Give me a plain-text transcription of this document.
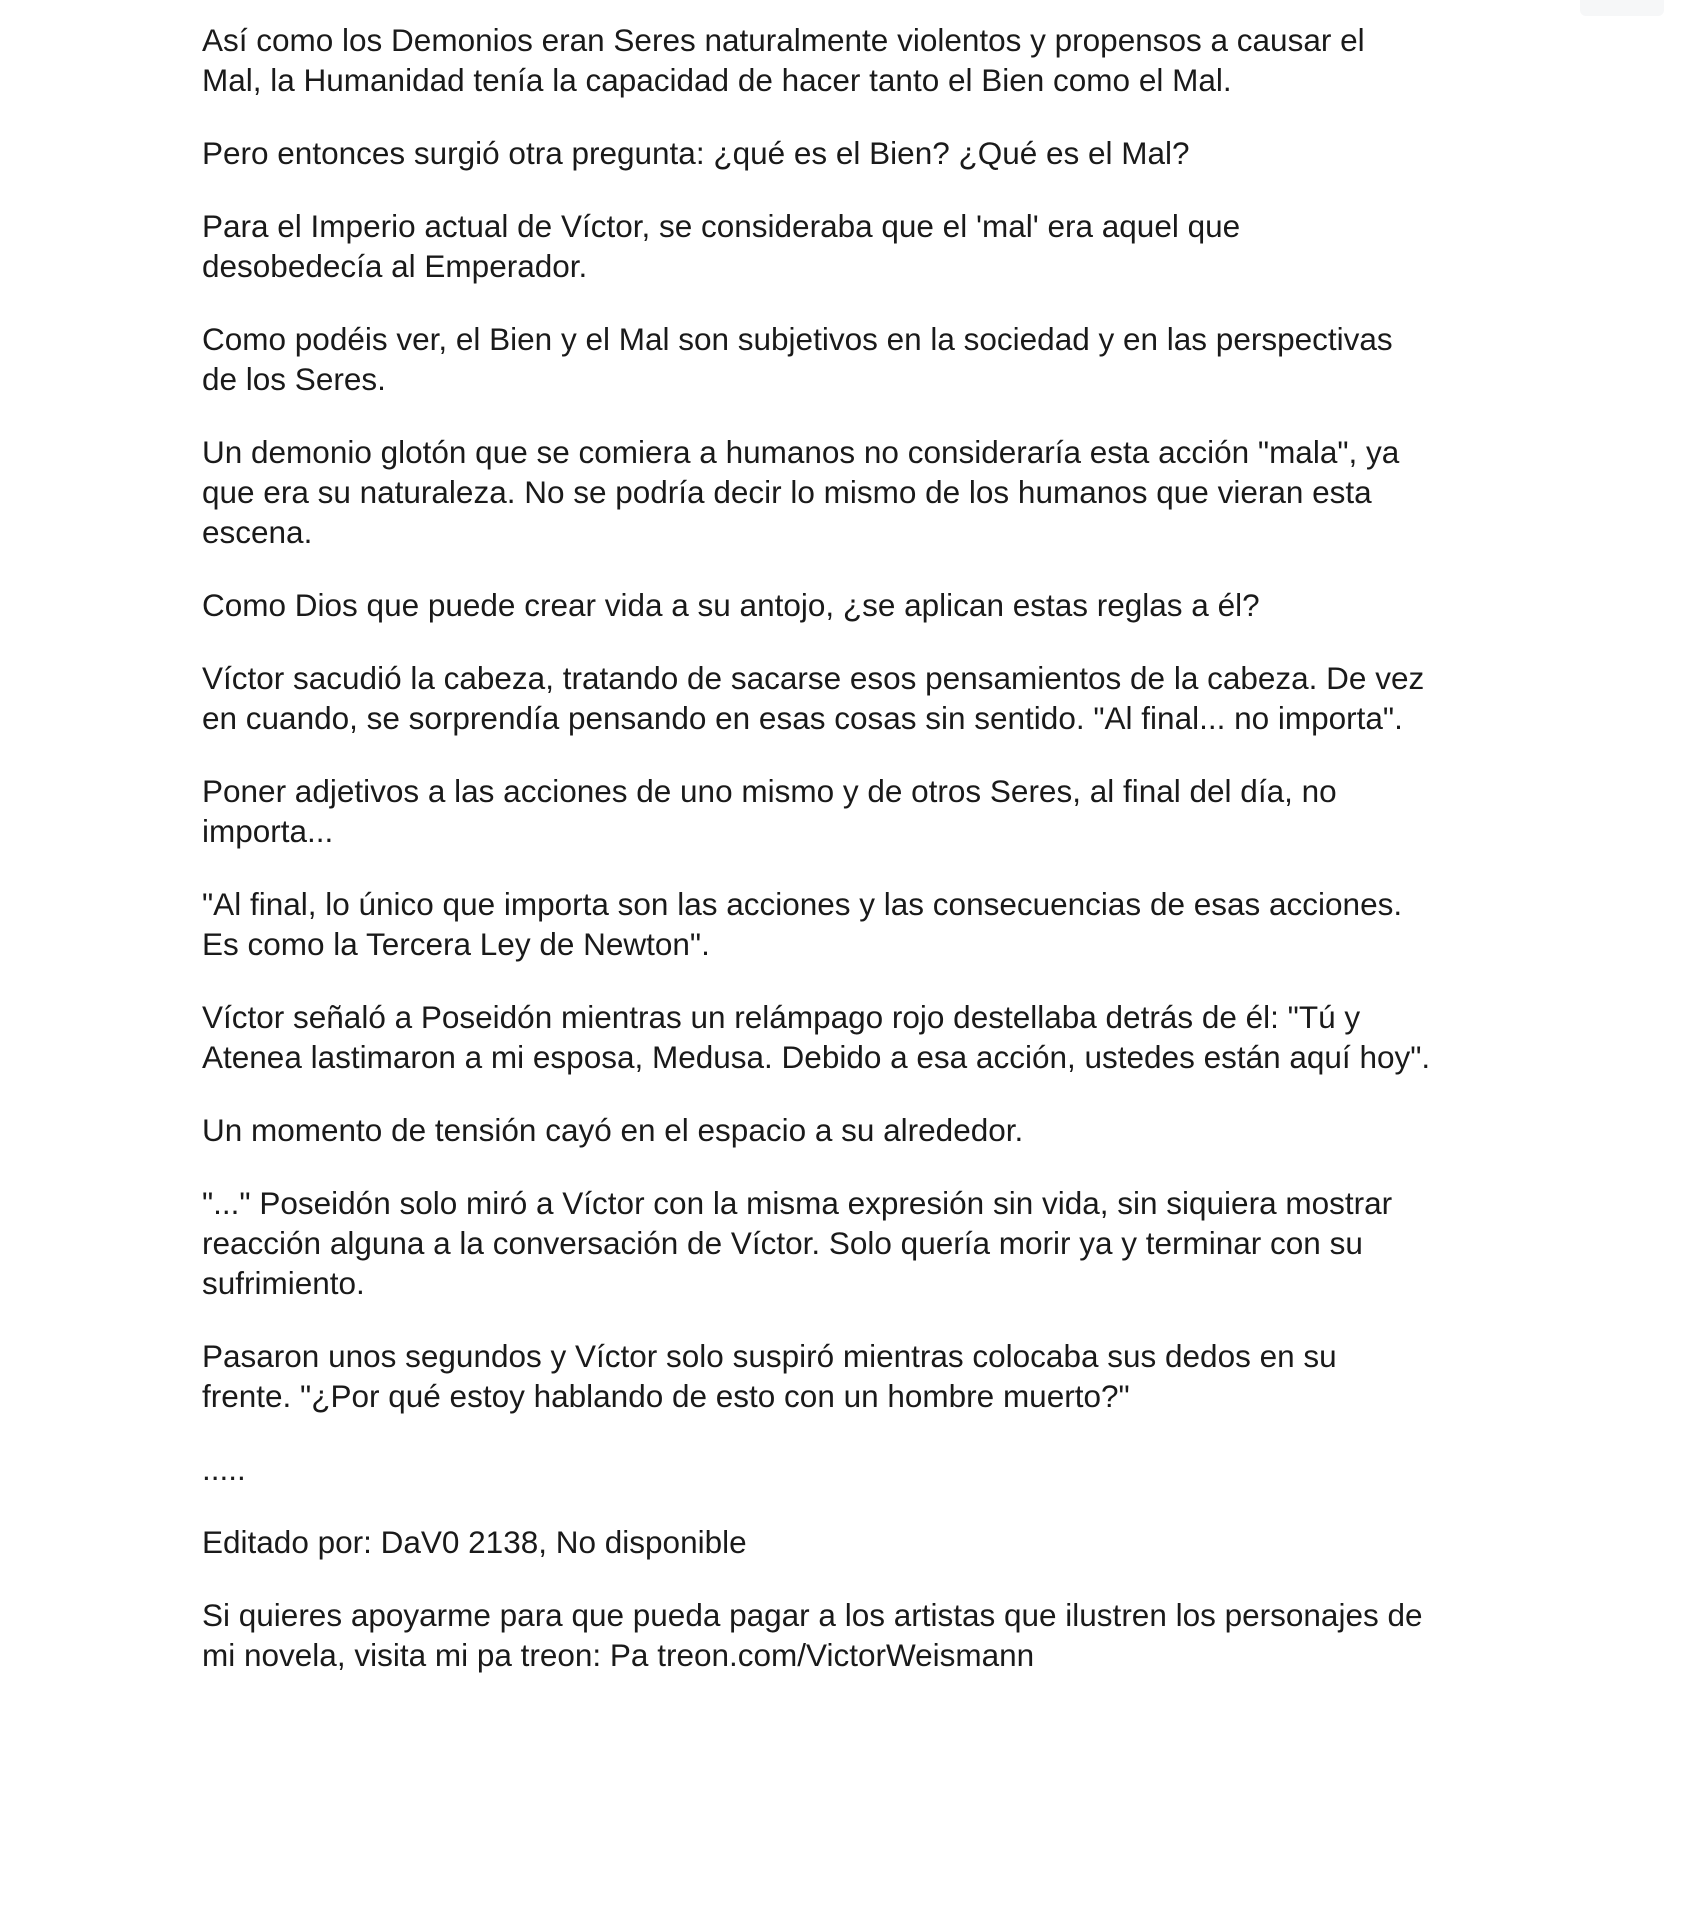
Así como los Demonios eran Seres naturalmente violentos y propensos a causar el
Mal, la Humanidad tenía la capacidad de hacer tanto el Bien como el Mal.

Pero entonces surgió otra pregunta: ¿qué es el Bien? ¿Qué es el Mal?

Para el Imperio actual de Víctor, se consideraba que el 'mal' era aquel que
desobedecía al Emperador.

Como podéis ver, el Bien y el Mal son subjetivos en la sociedad y en las perspectivas
de los Seres.

Un demonio glotón que se comiera a humanos no consideraría esta acción "mala", ya
que era su naturaleza. No se podría decir lo mismo de los humanos que vieran esta
escena.

Como Dios que puede crear vida a su antojo, ¿se aplican estas reglas a él?

Víctor sacudió la cabeza, tratando de sacarse esos pensamientos de la cabeza. De vez
en cuando, se sorprendía pensando en esas cosas sin sentido. "Al final... no importa".

Poner adjetivos a las acciones de uno mismo y de otros Seres, al final del día, no
importa...

"Al final, lo único que importa son las acciones y las consecuencias de esas acciones.
Es como la Tercera Ley de Newton".

Víctor señaló a Poseidón mientras un relámpago rojo destellaba detrás de él: "Tú y
Atenea lastimaron a mi esposa, Medusa. Debido a esa acción, ustedes están aquí hoy".

Un momento de tensión cayó en el espacio a su alrededor.

"..." Poseidón solo miró a Víctor con la misma expresión sin vida, sin siquiera mostrar
reacción alguna a la conversación de Víctor. Solo quería morir ya y terminar con su
sufrimiento.

Pasaron unos segundos y Víctor solo suspiró mientras colocaba sus dedos en su
frente. "¿Por qué estoy hablando de esto con un hombre muerto?"

.....

Editado por: DaV0 2138, No disponible

Si quieres apoyarme para que pueda pagar a los artistas que ilustren los personajes de
mi novela, visita mi pa treon: Pa treon.com/VictorWeismann
